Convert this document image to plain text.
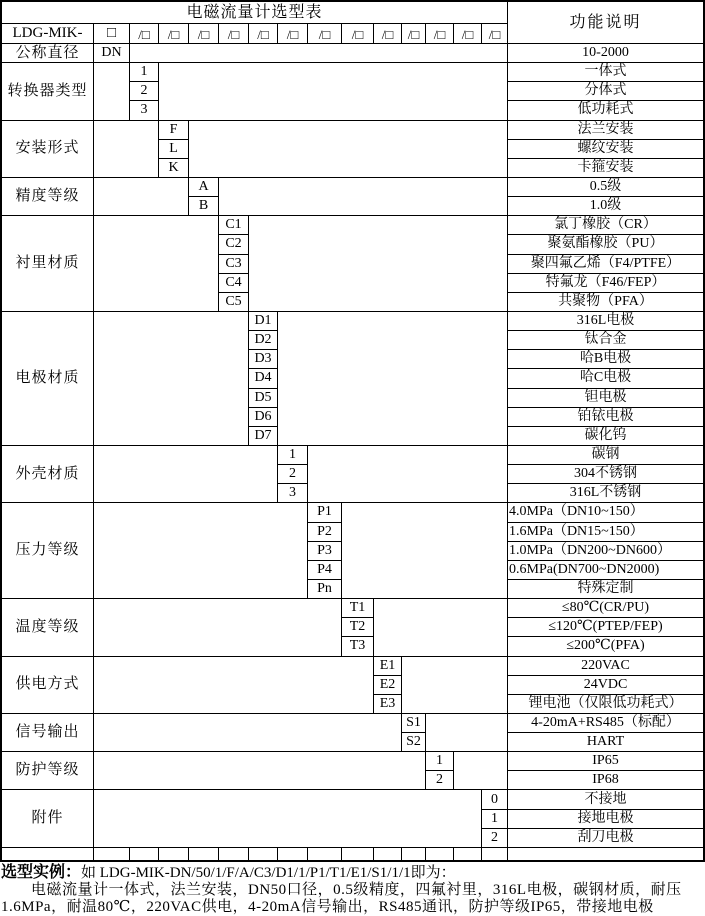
电磁流量计选型表
功能说明
LDG-MIK-	□	/□	/□	/□	/□	/□	/□	/□	/□	/□	/□	/□	/□	/□
公称直径	DN	10-2000
转换器类型
1	一体式
2	分体式
3	低功耗式
安装形式
F	法兰安装
L	螺纹安装
K	卡箍安装
精度等级
A	0.5级
B	1.0级
衬里材质
C1	氯丁橡胶（CR）
C2	聚氨酯橡胶（PU）
C3	聚四氟乙烯（F4/PTFE）
C4	特氟龙（F46/FEP）
C5	共聚物（PFA）
电极材质
D1	316L电极
D2	钛合金
D3	哈B电极
D4	哈C电极
D5	钽电极
D6	铂铱电极
D7	碳化钨
外壳材质
1	碳钢
2	304不锈钢
3	316L不锈钢
压力等级
P1	4.0MPa（DN10~150）
P2	1.6MPa（DN15~150）
P3	1.0MPa（DN200~DN600）
P4	0.6MPa(DN700~DN2000)
Pn	特殊定制
温度等级
T1	≤80℃(CR/PU)
T2	≤120℃(PTEP/FEP)
T3	≤200℃(PFA)
供电方式
E1	220VAC
E2	24VDC
E3	锂电池（仅限低功耗式）
信号输出
S1	4-20mA+RS485（标配）
S2	HART
防护等级
1	IP65
2	IP68
附件
0	不接地
1	接地电极
2	刮刀电极
选型实例：如 LDG-MIK-DN/50/1/F/A/C3/D1/1/P1/T1/E1/S1/1/1即为：
电磁流量计一体式，法兰安装，DN50口径，0.5级精度，四氟衬里，316L电极，碳钢材质，耐压1.6MPa，耐温80℃，220VAC供电，4-20mA信号输出，RS485通讯，防护等级IP65，带接地电极
